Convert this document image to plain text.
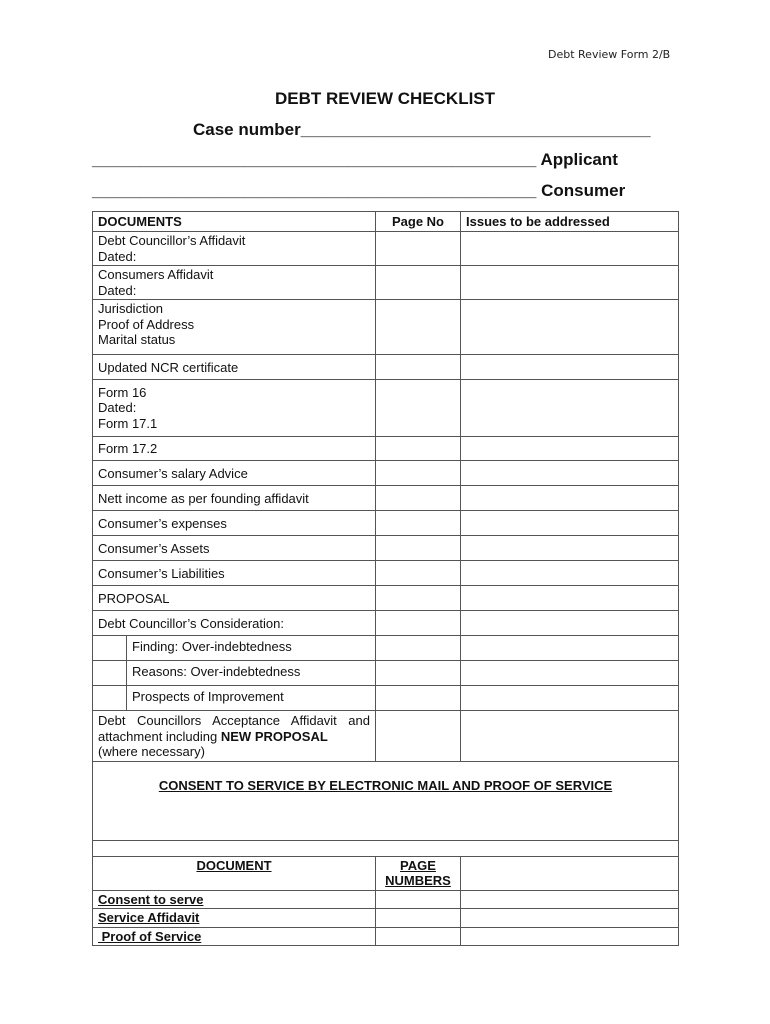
Debt Review Form 2/B
DEBT REVIEW CHECKLIST
Case number_____________________________________
_______________________________________________ Applicant
_______________________________________________ Consumer
DOCUMENTS	Page No	Issues to be addressed

Debt Councillor’s Affidavit
Dated:		

Consumers Affidavit
Dated:		

Jurisdiction
Proof of Address
Marital status		

Updated NCR certificate		

Form 16
Dated:
Form 17.1		

Form 17.2		
Consumer’s salary Advice		
Nett income as per founding affidavit		
Consumer’s expenses		
Consumer’s Assets		
Consumer’s Liabilities		
PROPOSAL		
Debt Councillor’s Consideration:		

Finding: Over-indebtedness		

Reasons: Over-indebtedness		

Prospects of Improvement		

Debt Councillors Acceptance Affidavit and attachment including NEW PROPOSAL
(where necessary)		

CONSENT TO SERVICE BY ELECTRONIC MAIL AND PROOF OF SERVICE		

DOCUMENT	PAGE
NUMBERS	

Consent to serve		
Service Affidavit		
Proof of Service		
